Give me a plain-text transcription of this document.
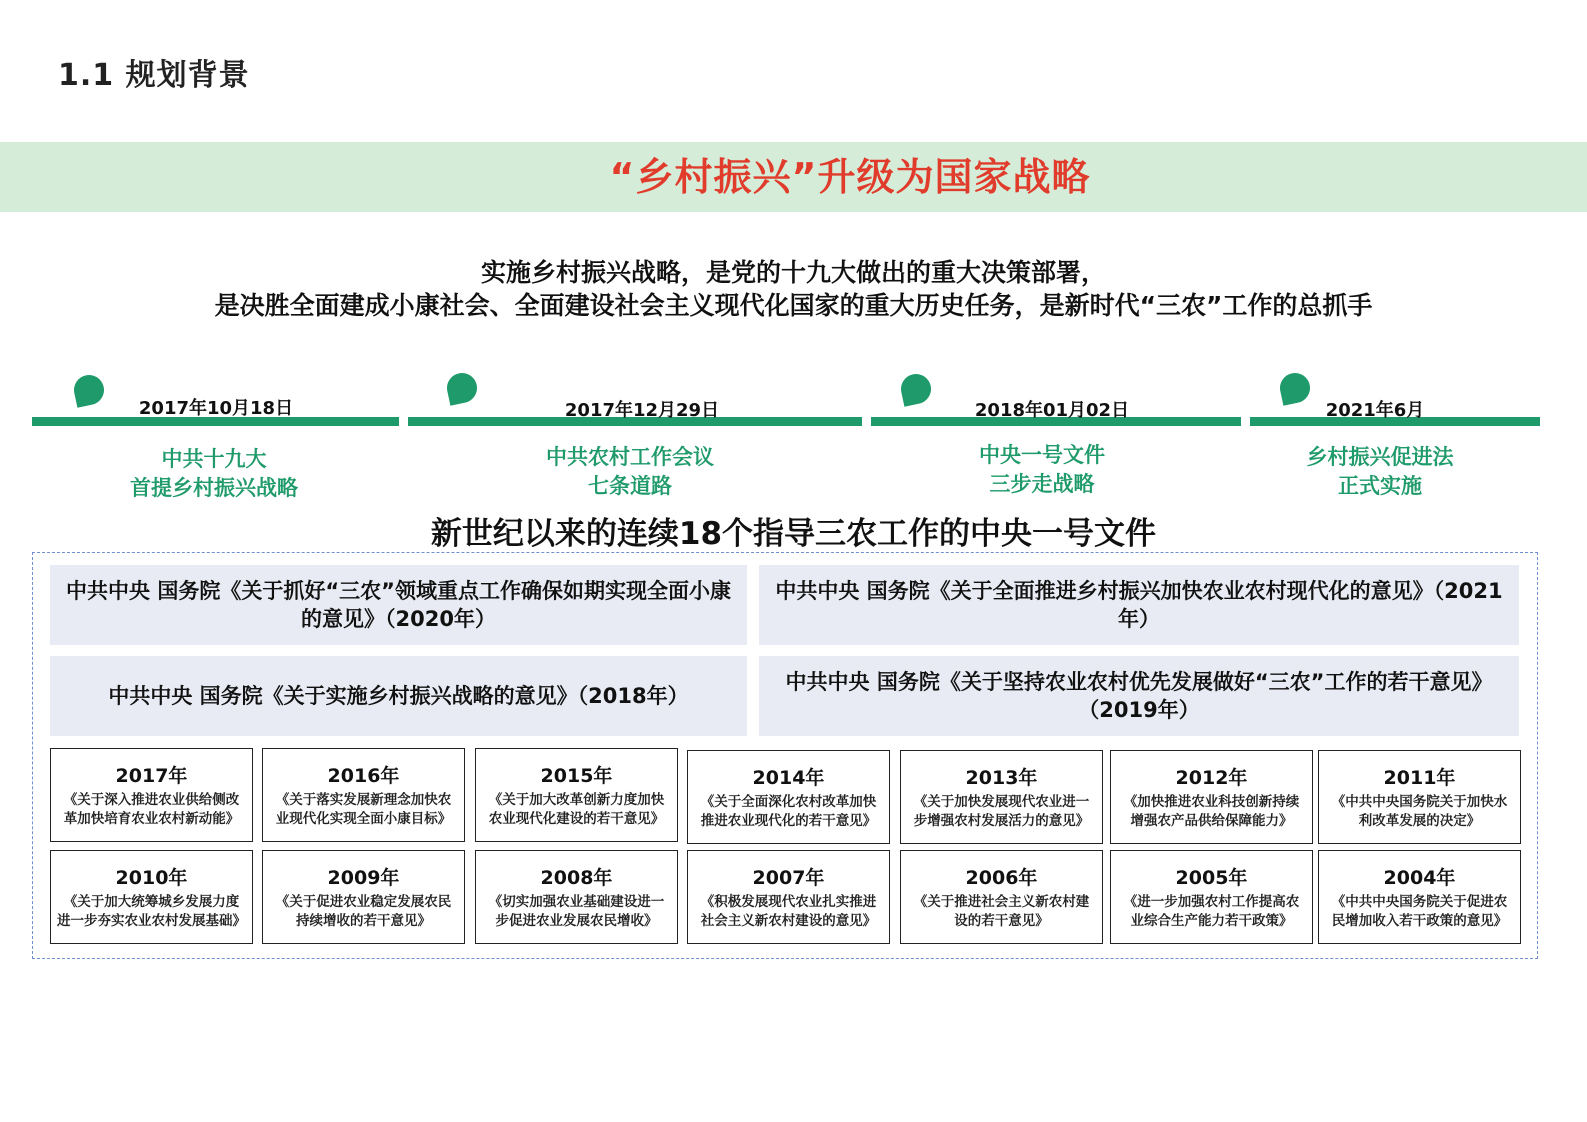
1.1 规划背景
“乡村振兴”升级为国家战略
实施乡村振兴战略，是党的十九大做出的重大决策部署，
是决胜全面建成小康社会、全面建设社会主义现代化国家的重大历史任务，是新时代“三农”工作的总抓手
2017年10月18日	2017年12月29日	2018年01月02日	2021年6月
中共十九大
首提乡村振兴战略
中共农村工作会议
七条道路
中央一号文件
三步走战略
乡村振兴促进法
正式实施
新世纪以来的连续18个指导三农工作的中央一号文件
中共中央 国务院《关于抓好“三农”领域重点工作确保如期实现全面小康的意见》（2020年）
中共中央 国务院《关于全面推进乡村振兴加快农业农村现代化的意见》（2021年）
中共中央 国务院《关于实施乡村振兴战略的意见》（2018年）
中共中央 国务院《关于坚持农业农村优先发展做好“三农”工作的若干意见》（2019年）
2017年
《关于深入推进农业供给侧改
革加快培育农业农村新动能》
2016年
《关于落实发展新理念加快农
业现代化实现全面小康目标》
2015年
《关于加大改革创新力度加快
农业现代化建设的若干意见》
2014年
《关于全面深化农村改革加快
推进农业现代化的若干意见》
2013年
《关于加快发展现代农业进一
步增强农村发展活力的意见》
2012年
《加快推进农业科技创新持续
增强农产品供给保障能力》
2011年
《中共中央国务院关于加快水
利改革发展的决定》
2010年
《关于加大统筹城乡发展力度
进一步夯实农业农村发展基础》
2009年
《关于促进农业稳定发展农民
持续增收的若干意见》
2008年
《切实加强农业基础建设进一
步促进农业发展农民增收》
2007年
《积极发展现代农业扎实推进
社会主义新农村建设的意见》
2006年
《关于推进社会主义新农村建
设的若干意见》
2005年
《进一步加强农村工作提高农
业综合生产能力若干政策》
2004年
《中共中央国务院关于促进农
民增加收入若干政策的意见》
